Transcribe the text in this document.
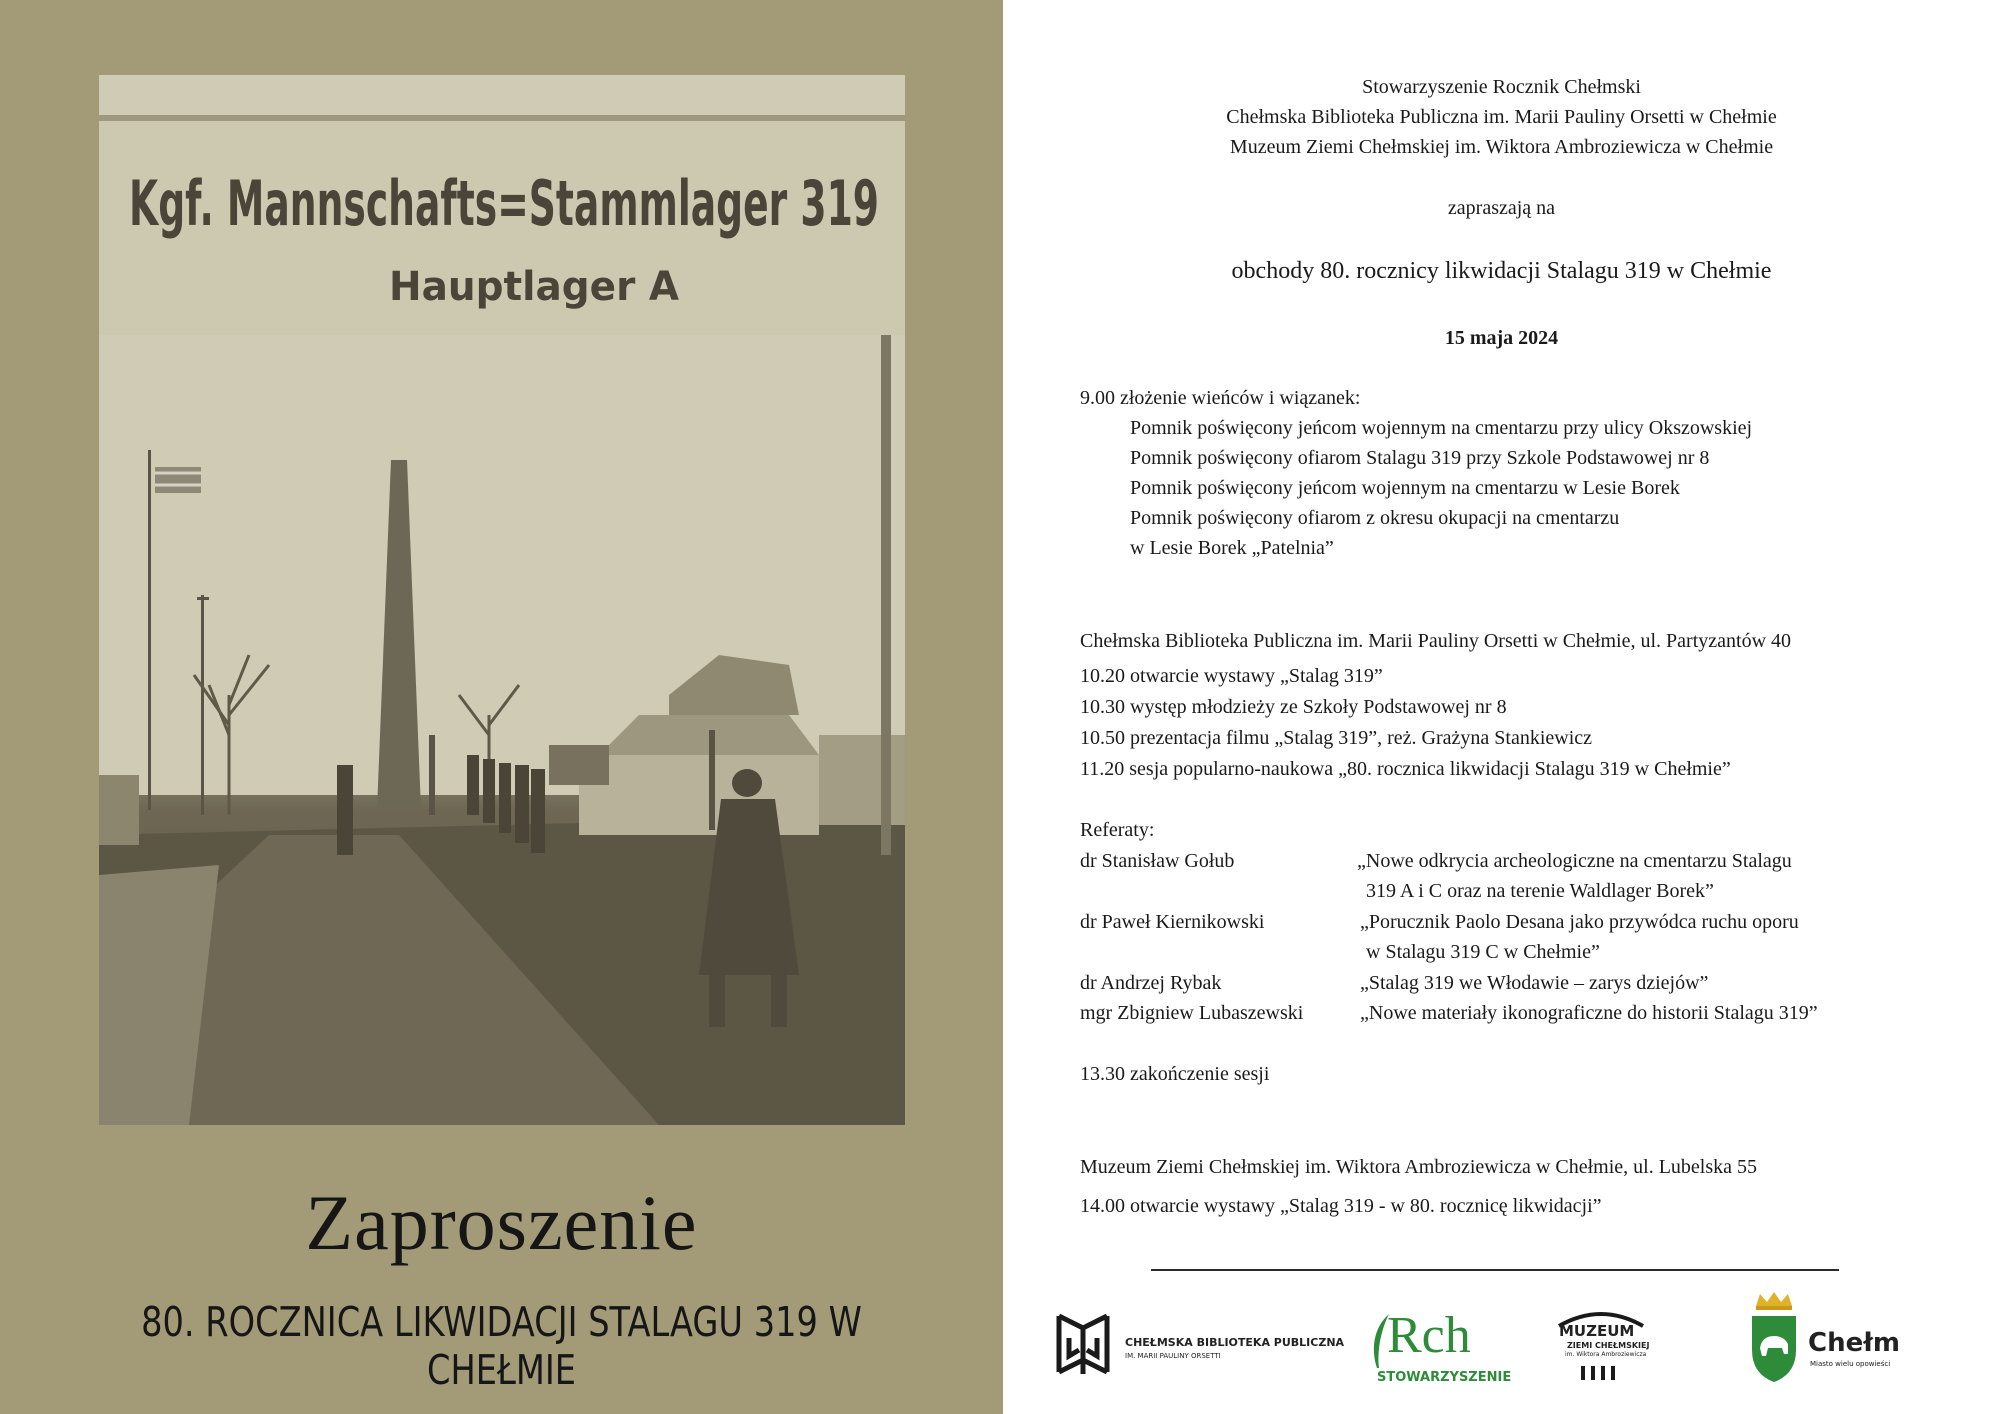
Kgf. Mannschafts=Stammlager 319
Hauptlager A
Zaproszenie
80. ROCZNICA LIKWIDACJI STALAGU 319 W CHEŁMIE
Stowarzyszenie Rocznik Chełmski
Chełmska Biblioteka Publiczna im. Marii Pauliny Orsetti w Chełmie
Muzeum Ziemi Chełmskiej im. Wiktora Ambroziewicza w Chełmie
zapraszają na
obchody 80. rocznicy likwidacji Stalagu 319 w Chełmie
15 maja 2024
9.00 złożenie wieńców i wiązanek:
Pomnik poświęcony jeńcom wojennym na cmentarzu przy ulicy Okszowskiej
Pomnik poświęcony ofiarom Stalagu 319 przy Szkole Podstawowej nr 8
Pomnik poświęcony jeńcom wojennym na cmentarzu w Lesie Borek
Pomnik poświęcony ofiarom z okresu okupacji na cmentarzu
w Lesie Borek „Patelnia”
Chełmska Biblioteka Publiczna im. Marii Pauliny Orsetti w Chełmie, ul. Partyzantów 40
10.20 otwarcie wystawy „Stalag 319”
10.30 występ młodzieży ze Szkoły Podstawowej nr 8
10.50 prezentacja filmu „Stalag 319”, reż. Grażyna Stankiewicz
11.20 sesja popularno-naukowa „80. rocznica likwidacji Stalagu 319 w Chełmie”
Referaty:
dr Stanisław Gołub	„Nowe odkrycia archeologiczne na cmentarzu Stalagu
319 A i C oraz na terenie Waldlager Borek”
dr Paweł Kiernikowski	„Porucznik Paolo Desana jako przywódca ruchu oporu
w Stalagu 319 C w Chełmie”
dr Andrzej Rybak	„Stalag 319 we Włodawie – zarys dziejów”
mgr Zbigniew Lubaszewski	„Nowe materiały ikonograficzne do historii Stalagu 319”
13.30 zakończenie sesji
Muzeum Ziemi Chełmskiej im. Wiktora Ambroziewicza w Chełmie, ul. Lubelska 55
14.00 otwarcie wystawy „Stalag 319 - w 80. rocznicę likwidacji”
CHEŁMSKA BIBLIOTEKA PUBLICZNA
IM. MARII PAULINY ORSETTI	Rch
STOWARZYSZENIE
MUZEUM
ZIEMI CHEŁMSKIEJ
im. Wiktora Ambroziewicza	Chełm
Miasto wielu opowieści
